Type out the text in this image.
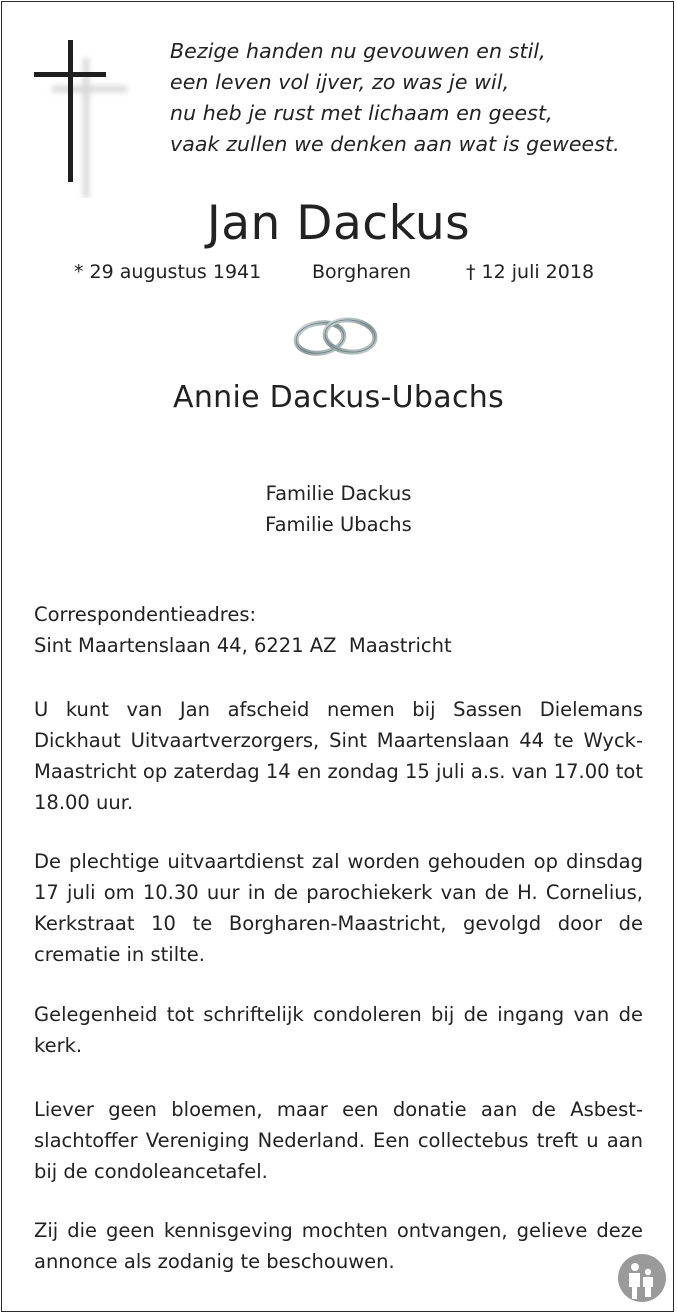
Bezige handen nu gevouwen en stil,
een leven vol ijver, zo was je wil,
nu heb je rust met lichaam en geest,
vaak zullen we denken aan wat is geweest.
Jan Dackus
* 29 augustus 1941	Borgharen	† 12 juli 2018
Annie Dackus-Ubachs
Familie Dackus
Familie Ubachs
Correspondentieadres:
Sint Maartenslaan 44, 6221 AZ  Maastricht
U kunt van Jan afscheid nemen bij Sassen Dielemans Dickhaut Uitvaartverzorgers, Sint Maartenslaan 44 te Wyck-Maastricht op zaterdag 14 en zondag 15 juli a.s. van 17.00 tot 18.00 uur.
De plechtige uitvaartdienst zal worden gehouden op dinsdag 17 juli om 10.30 uur in de parochiekerk van de H. Cornelius, Kerkstraat 10 te Borgharen-Maastricht, gevolgd door de crematie in stilte.
Gelegenheid tot schriftelijk condoleren bij de ingang van de kerk.
Liever geen bloemen, maar een donatie aan de Asbestslachtoffer Vereniging Nederland. Een collectebus treft u aan bij de condoleancetafel.
Zij die geen kennisgeving mochten ontvangen, gelieve deze annonce als zodanig te beschouwen.
